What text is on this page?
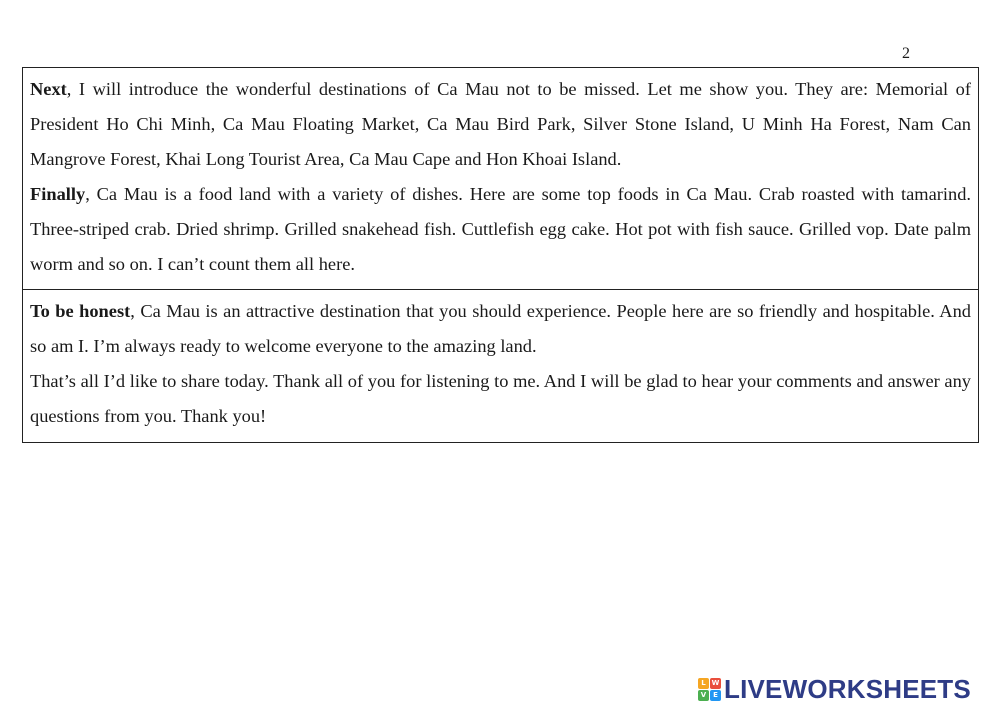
2

Next, I will introduce the wonderful destinations of Ca Mau not to be missed. Let me show you. They are: Memorial of President Ho Chi Minh, Ca Mau Floating Market, Ca Mau Bird Park, Silver Stone Island, U Minh Ha Forest, Nam Can Mangrove Forest, Khai Long Tourist Area, Ca Mau Cape and Hon Khoai Island.

Finally, Ca Mau is a food land with a variety of dishes. Here are some top foods in Ca Mau. Crab roasted with tamarind. Three-striped crab. Dried shrimp. Grilled snakehead fish. Cuttlefish egg cake. Hot pot with fish sauce. Grilled vop. Date palm worm and so on. I can’t count them all here.

To be honest, Ca Mau is an attractive destination that you should experience. People here are so friendly and hospitable. And so am I. I’m always ready to welcome everyone to the amazing land.

That’s all I’d like to share today. Thank all of you for listening to me. And I will be glad to hear your comments and answer any questions from you. Thank you!

L W
V E LIVEWORKSHEETS
